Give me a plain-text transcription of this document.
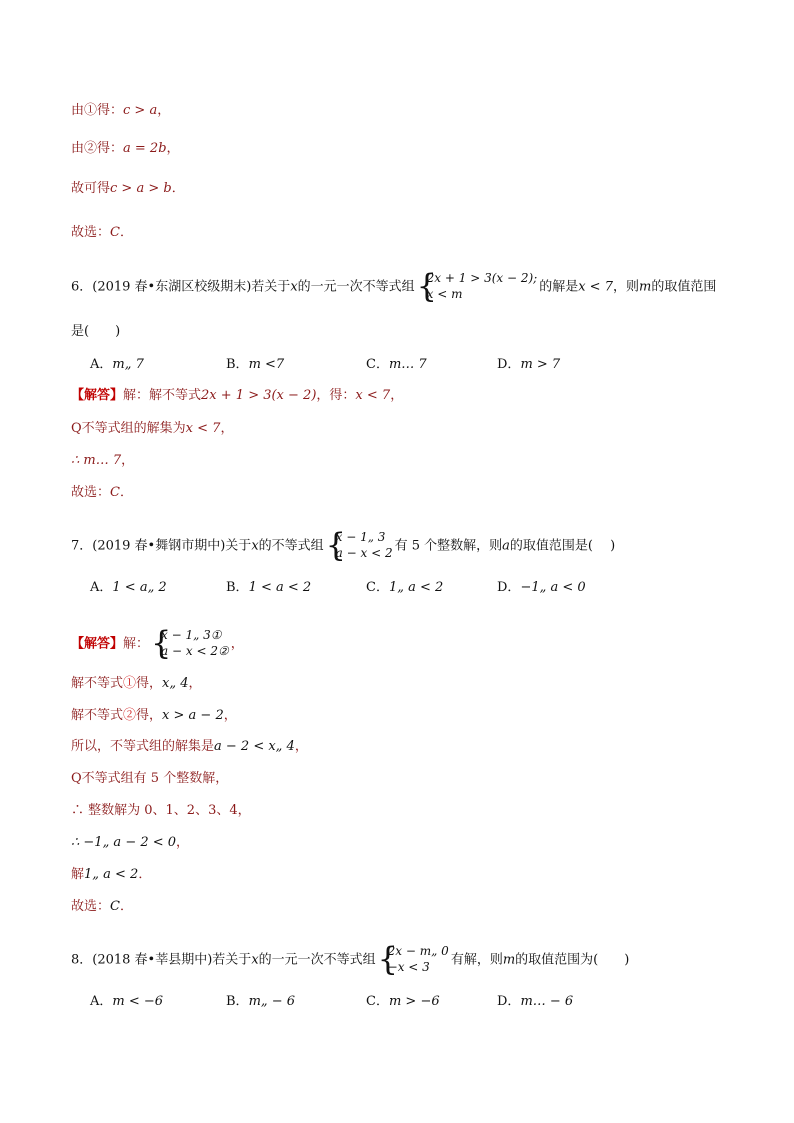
由①得：c > a，
由②得：a = 2b，
故可得c > a > b．
故选：C．
6．(2019 春•东湖区校级期末)若关于x的一元一次不等式组 {
2x + 1 > 3(x − 2);
x < m	的解是x < 7，则m的取值范围
是(　　)
A．m„ 7	B．m <7	C．m… 7	D．m > 7
【解答】解：解不等式2x + 1 > 3(x − 2)，得：x < 7，
Q不等式组的解集为x < 7，
∴ m… 7，
故选：C．
7．(2019 春•舞钢市期中)关于x的不等式组 {
x − 1„ 3
a − x < 2 有 5 个整数解，则a的取值范围是(　 )
A．1 < a„ 2	B．1 < a < 2	C．1„ a < 2	D．−1„ a < 0
【解答】解： {
x − 1„ 3①
a − x < 2② ，
解不等式①得，x„ 4，
解不等式②得，x > a − 2，
所以，不等式组的解集是a − 2 < x„ 4，
Q不等式组有 5 个整数解，
∴ 整数解为 0、1、2、3、4，
∴ −1„ a − 2 < 0，
解1„ a < 2．
故选：C．
8．(2018 春•莘县期中)若关于x的一元一次不等式组 {
2x − m„ 0
−x < 3	有解，则m的取值范围为(　　)
A．m < −6	B．m„ − 6	C．m > −6	D．m… − 6
